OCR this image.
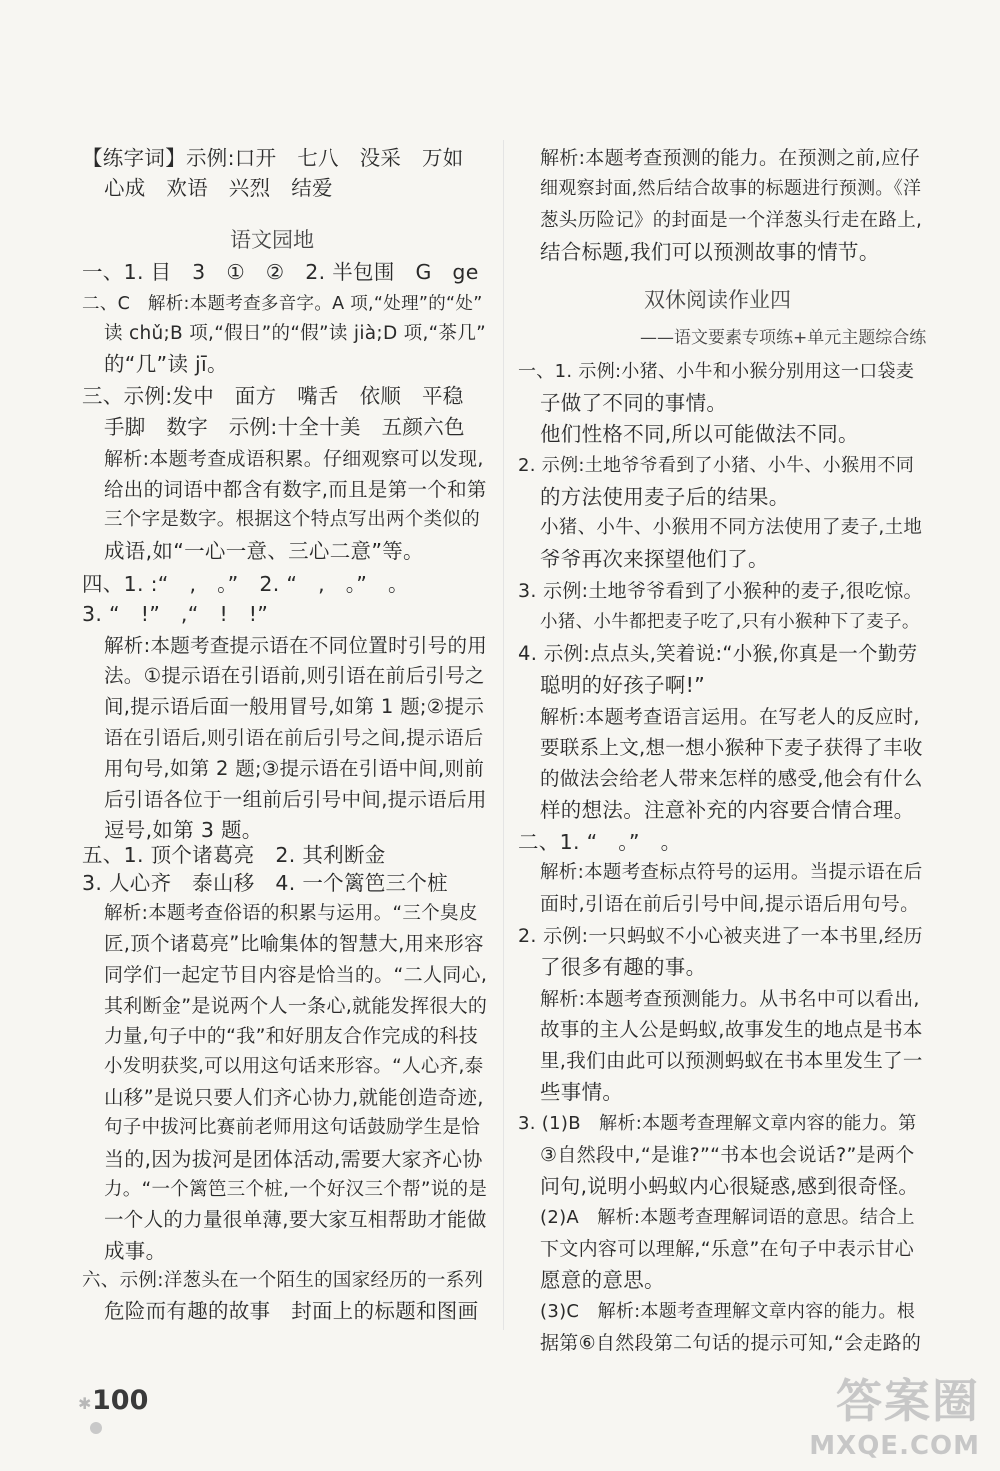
【练字词】示例:口开　七八　没采　万如
心成　欢语　兴烈　结爱
一、1. 目　3　①　②　2. 半包围　G　ge
二、C　解析:本题考查多音字。A 项,“处理”的“处”
读 chǔ;B 项,“假日”的“假”读 jià;D 项,“茶几”
的“几”读 jī。
三、示例:发中　面方　嘴舌　依顺　平稳
手脚　数字　示例:十全十美　五颜六色
解析:本题考查成语积累。仔细观察可以发现,
给出的词语中都含有数字,而且是第一个和第
三个字是数字。根据这个特点写出两个类似的
成语,如“一心一意、三心二意”等。
四、1. :“　,　。”　2. “　,　。”　。
3. “　!”　,“　!　!”
解析:本题考查提示语在不同位置时引号的用
法。①提示语在引语前,则引语在前后引号之
间,提示语后面一般用冒号,如第 1 题;②提示
语在引语后,则引语在前后引号之间,提示语后
用句号,如第 2 题;③提示语在引语中间,则前
后引语各位于一组前后引号中间,提示语后用
逗号,如第 3 题。
五、1. 顶个诸葛亮　2. 其利断金
3. 人心齐　泰山移　4. 一个篱笆三个桩
解析:本题考查俗语的积累与运用。“三个臭皮
匠,顶个诸葛亮”比喻集体的智慧大,用来形容
同学们一起定节目内容是恰当的。“二人同心,
其利断金”是说两个人一条心,就能发挥很大的
力量,句子中的“我”和好朋友合作完成的科技
小发明获奖,可以用这句话来形容。“人心齐,泰
山移”是说只要人们齐心协力,就能创造奇迹,
句子中拔河比赛前老师用这句话鼓励学生是恰
当的,因为拔河是团体活动,需要大家齐心协
力。“一个篱笆三个桩,一个好汉三个帮”说的是
一个人的力量很单薄,要大家互相帮助才能做
成事。
六、示例:洋葱头在一个陌生的国家经历的一系列
危险而有趣的故事　封面上的标题和图画
解析:本题考查预测的能力。在预测之前,应仔
细观察封面,然后结合故事的标题进行预测。《洋
葱头历险记》的封面是一个洋葱头行走在路上,
结合标题,我们可以预测故事的情节。
一、1. 示例:小猪、小牛和小猴分别用这一口袋麦
子做了不同的事情。
他们性格不同,所以可能做法不同。
2. 示例:土地爷爷看到了小猪、小牛、小猴用不同
的方法使用麦子后的结果。
小猪、小牛、小猴用不同方法使用了麦子,土地
爷爷再次来探望他们了。
3. 示例:土地爷爷看到了小猴种的麦子,很吃惊。
小猪、小牛都把麦子吃了,只有小猴种下了麦子。
4. 示例:点点头,笑着说:“小猴,你真是一个勤劳
聪明的好孩子啊!”
解析:本题考查语言运用。在写老人的反应时,
要联系上文,想一想小猴种下麦子获得了丰收
的做法会给老人带来怎样的感受,他会有什么
样的想法。注意补充的内容要合情合理。
二、1. “　。”　。
解析:本题考查标点符号的运用。当提示语在后
面时,引语在前后引号中间,提示语后用句号。
2. 示例:一只蚂蚁不小心被夹进了一本书里,经历
了很多有趣的事。
解析:本题考查预测能力。从书名中可以看出,
故事的主人公是蚂蚁,故事发生的地点是书本
里,我们由此可以预测蚂蚁在书本里发生了一
些事情。
3. (1)B　解析:本题考查理解文章内容的能力。第
③自然段中,“是谁?”“书本也会说话?”是两个
问句,说明小蚂蚁内心很疑惑,感到很奇怪。
(2)A　解析:本题考查理解词语的意思。结合上
下文内容可以理解,“乐意”在句子中表示甘心
愿意的意思。
(3)C　解析:本题考查理解文章内容的能力。根
据第⑥自然段第二句话的提示可知,“会走路的
语文园地
双休阅读作业四
——语文要素专项练+单元主题综合练
✱ 100	答案圈
MXQE.COM
